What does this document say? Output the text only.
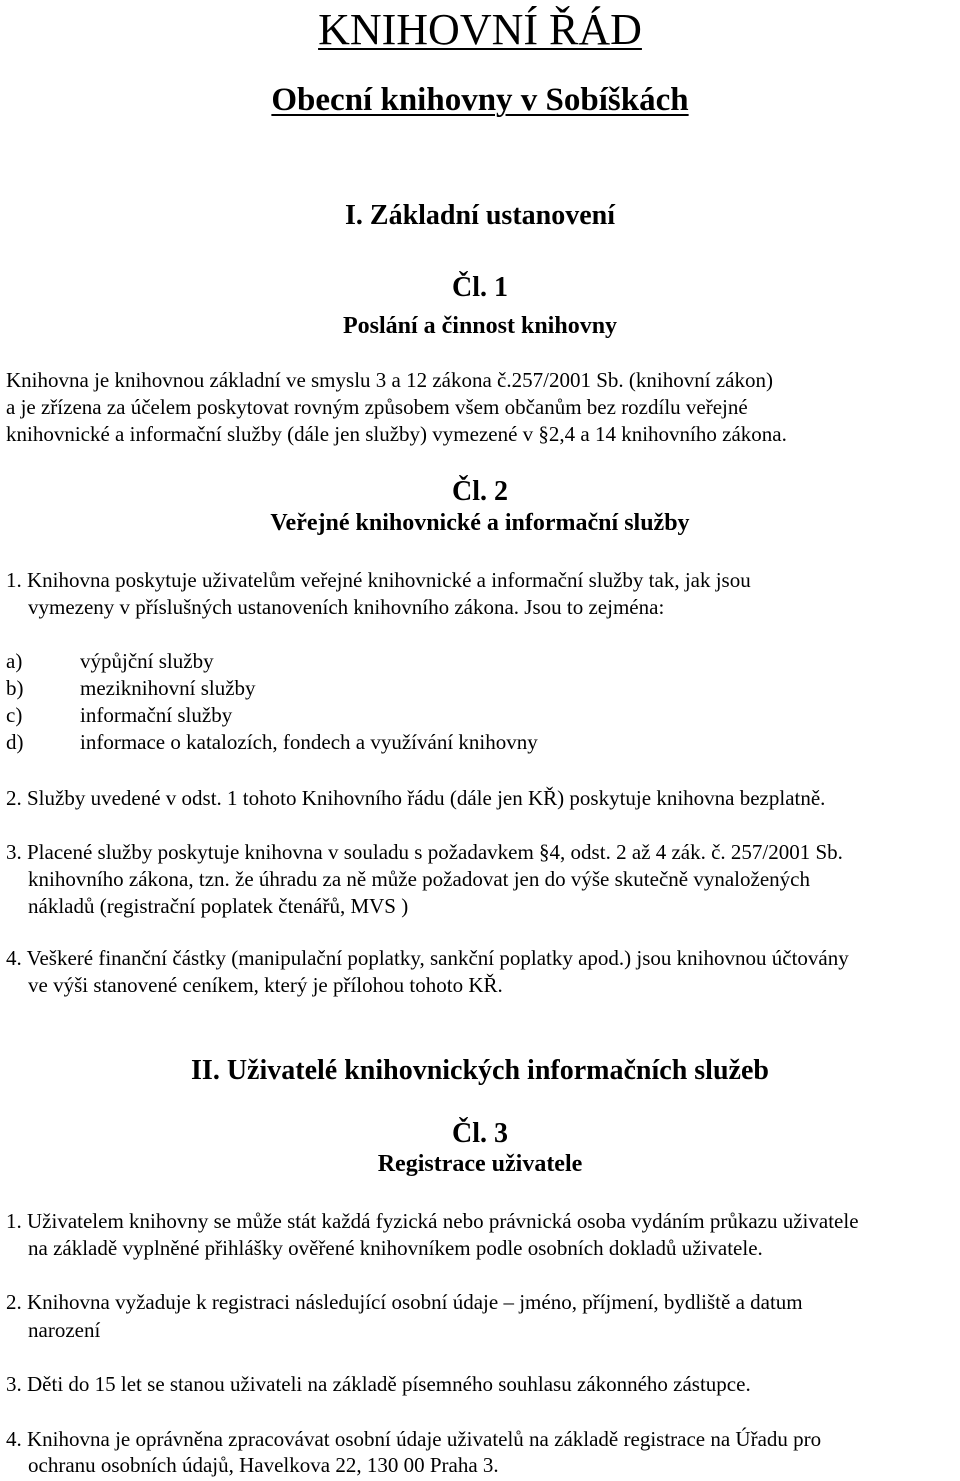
KNIHOVNÍ ŘÁD
Obecní knihovny v Sobíškách
I. Základní ustanovení
Čl. 1
Poslání a činnost knihovny
Knihovna je knihovnou základní ve smyslu 3 a 12 zákona č.257/2001 Sb. (knihovní zákon)
a je zřízena za účelem poskytovat rovným způsobem všem občanům bez rozdílu veřejné
knihovnické a informační služby (dále jen služby) vymezené v §2,4 a 14 knihovního zákona.
Čl. 2
Veřejné knihovnické a informační služby
1. Knihovna poskytuje uživatelům veřejné knihovnické a informační služby tak, jak jsou
vymezeny v příslušných ustanoveních knihovního zákona. Jsou to zejména:
a)	výpůjční služby
b)	meziknihovní služby
c)	informační služby
d)	informace o katalozích, fondech a využívání knihovny
2. Služby uvedené v odst. 1 tohoto Knihovního řádu (dále jen KŘ) poskytuje knihovna bezplatně.
3. Placené služby poskytuje knihovna v souladu s požadavkem §4, odst. 2 až 4 zák. č. 257/2001 Sb.
knihovního zákona, tzn. že úhradu za ně může požadovat jen do výše skutečně vynaložených
nákladů (registrační poplatek čtenářů, MVS )
4. Veškeré finanční částky (manipulační poplatky, sankční poplatky apod.) jsou knihovnou účtovány
ve výši stanovené ceníkem, který je přílohou tohoto KŘ.
II. Uživatelé knihovnických informačních služeb
Čl. 3
Registrace uživatele
1. Uživatelem knihovny se může stát každá fyzická nebo právnická osoba vydáním průkazu uživatele
na základě vyplněné přihlášky ověřené knihovníkem podle osobních dokladů uživatele.
2. Knihovna vyžaduje k registraci následující osobní údaje – jméno, příjmení, bydliště a datum
narození
3. Děti do 15 let se stanou uživateli na základě písemného souhlasu zákonného zástupce.
4. Knihovna je oprávněna zpracovávat osobní údaje uživatelů na základě registrace na Úřadu pro
ochranu osobních údajů, Havelkova 22, 130 00 Praha 3.
